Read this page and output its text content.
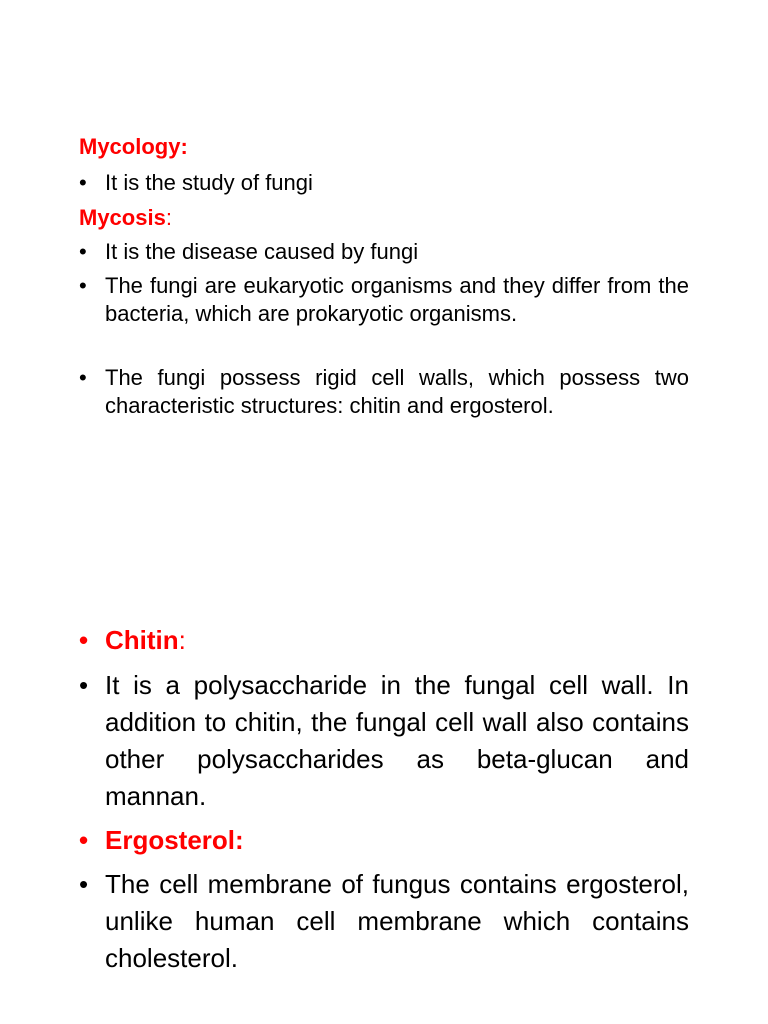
Mycology:

• It is the study of fungi

Mycosis:

• It is the disease caused by fungi

• The fungi are eukaryotic organisms and they differ from the bacteria, which are prokaryotic organisms.

• The fungi possess rigid cell walls, which possess two characteristic structures: chitin and ergosterol.

• Chitin:

• It is a polysaccharide in the fungal cell wall. In addition to chitin, the fungal cell wall also contains other polysaccharides as beta-glucan and mannan.

• Ergosterol:

• The cell membrane of fungus contains ergosterol, unlike human cell membrane which contains cholesterol.
